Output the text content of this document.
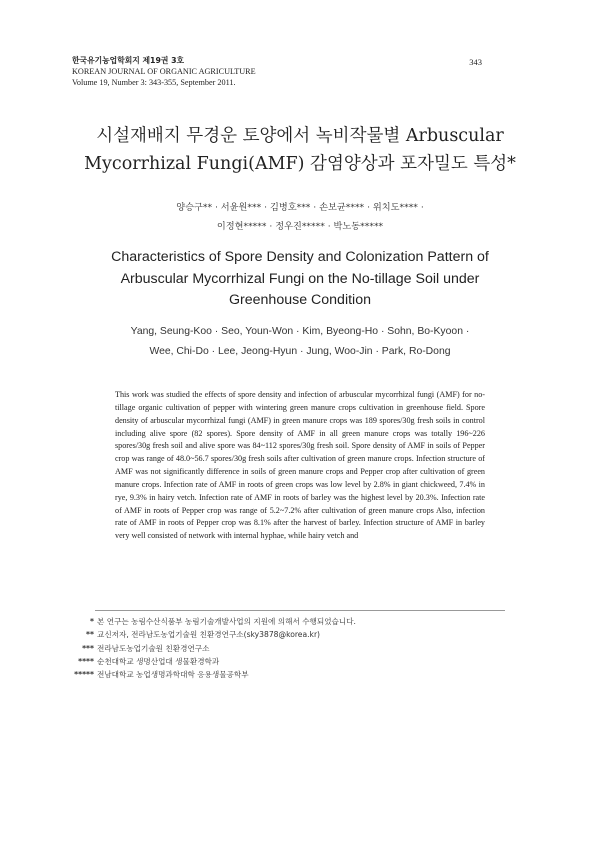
한국유기농업학회지 제19권 3호
KOREAN JOURNAL OF ORGANIC AGRICULTURE
Volume 19, Number 3: 343-355, September 2011.
343
시설재배지 무경운 토양에서 녹비작물별 Arbuscular
Mycorrhizal Fungi(AMF) 감염양상과 포자밀도 특성*
양승구** · 서윤원*** · 김병호*** · 손보균**** · 위치도**** ·
이정현***** · 정우진***** · 박노동*****
Characteristics of Spore Density and Colonization Pattern of
Arbuscular Mycorrhizal Fungi on the No-tillage Soil under
Greenhouse Condition
Yang, Seung-Koo · Seo, Youn-Won · Kim, Byeong-Ho · Sohn, Bo-Kyoon ·
Wee, Chi-Do · Lee, Jeong-Hyun · Jung, Woo-Jin · Park, Ro-Dong
This work was studied the effects of spore density and infection of arbuscular mycorrhizal fungi (AMF) for no-tillage organic cultivation of pepper with wintering green manure crops cultivation in greenhouse field. Spore density of arbuscular mycorrhizal fungi (AMF) in green manure crops was 189 spores/30g fresh soils in control including alive spore (82 spores). Spore density of AMF in all green manure crops was totally 196~226 spores/30g fresh soil and alive spore was 84~112 spores/30g fresh soil. Spore density of AMF in soils of Pepper crop was range of 48.0~56.7 spores/30g fresh soils after cultivation of green manure crops. Infection structure of AMF was not significantly difference in soils of green manure crops and Pepper crop after cultivation of green manure crops. Infection rate of AMF in roots of green crops was low level by 2.8% in giant chickweed, 7.4% in rye, 9.3% in hairy vetch. Infection rate of AMF in roots of barley was the highest level by 20.3%. Infection rate of AMF in roots of Pepper crop was range of 5.2~7.2% after cultivation of green manure crops Also, infection rate of AMF in roots of Pepper crop was 8.1% after the harvest of barley. Infection structure of AMF in barley very well consisted of network with internal hyphae, while hairy vetch and
* 본 연구는 농림수산식품부 농림기술개발사업의 지원에 의해서 수행되었습니다.
** 교신저자, 전라남도농업기술원 친환경연구소(sky3878@korea.kr)
*** 전라남도농업기술원 친환경연구소
**** 순천대학교 생명산업대 생물환경학과
***** 전남대학교 농업생명과학대학 응용생물공학부
